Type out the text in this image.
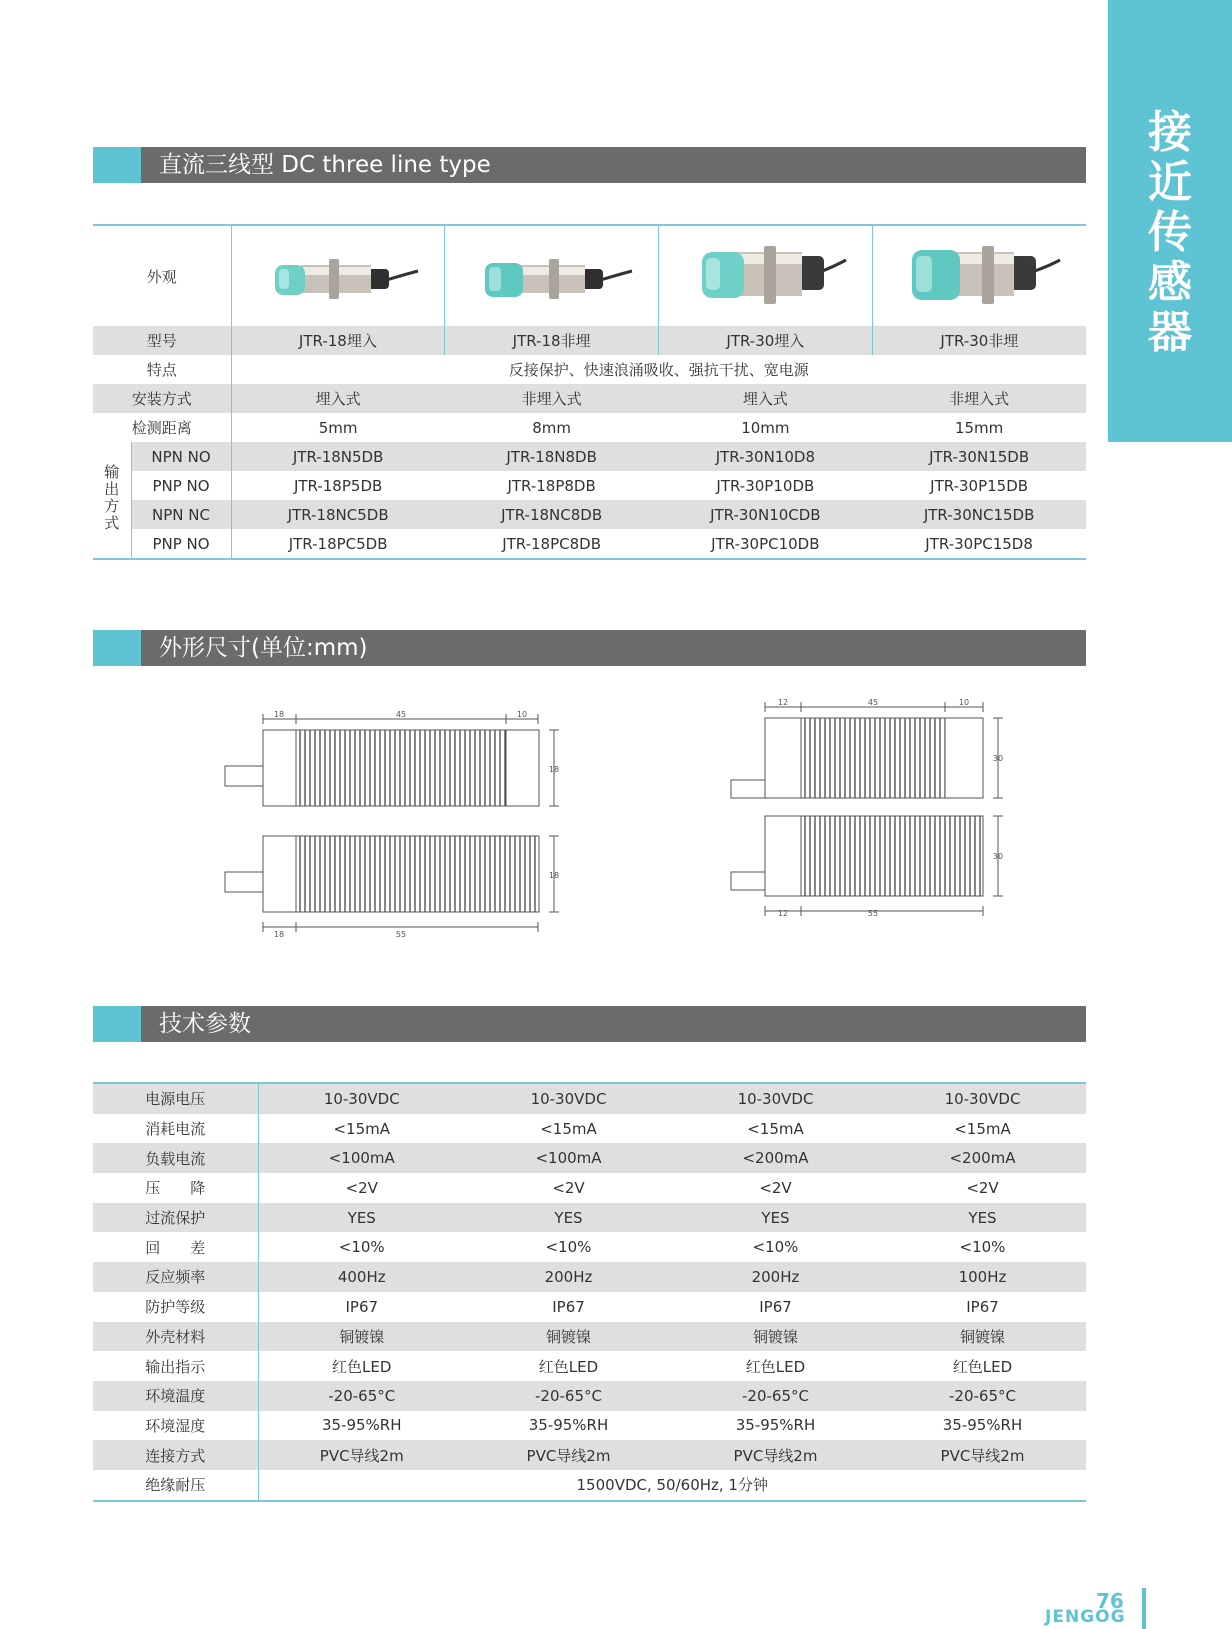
接
近
传
感
器
直流三线型 DC three line type
外观	

型号		JTR-18埋入	JTR-18非埋	JTR-30埋入	JTR-30非埋
特点		反接保护、快速浪涌吸收、强抗干扰、宽电源			
安装方式		埋入式	非埋入式	埋入式	非埋入式
检测距离		5mm	8mm	10mm	15mm
输出方式	NPN NO	JTR-18N5DB	JTR-18N8DB	JTR-30N10D8	JTR-30N15DB
	PNP NO	JTR-18P5DB	JTR-18P8DB	JTR-30P10DB	JTR-30P15DB
	NPN NC	JTR-18NC5DB	JTR-18NC8DB	JTR-30N10CDB	JTR-30NC15DB
	PNP NO	JTR-18PC5DB	JTR-18PC8DB	JTR-30PC10DB	JTR-30PC15D8
外形尺寸(单位:mm)
18	45	10
18
18	55
18
12	45	10
30
12	55
30
技术参数
电源电压	10-30VDC	10-30VDC	10-30VDC	10-30VDC
消耗电流	<15mA	<15mA	<15mA	<15mA
负载电流	<100mA	<100mA	<200mA	<200mA
压　　降	<2V	<2V	<2V	<2V
过流保护	YES	YES	YES	YES
回　　差	<10%	<10%	<10%	<10%
反应频率	400Hz	200Hz	200Hz	100Hz
防护等级	IP67	IP67	IP67	IP67
外壳材料	铜镀镍	铜镀镍	铜镀镍	铜镀镍
输出指示	红色LED	红色LED	红色LED	红色LED
环境温度	-20-65°C	-20-65°C	-20-65°C	-20-65°C
环境湿度	35-95%RH	35-95%RH	35-95%RH	35-95%RH
连接方式	PVC导线2m	PVC导线2m	PVC导线2m	PVC导线2m
绝缘耐压	1500VDC, 50/60Hz, 1分钟			
76
JENGOG
